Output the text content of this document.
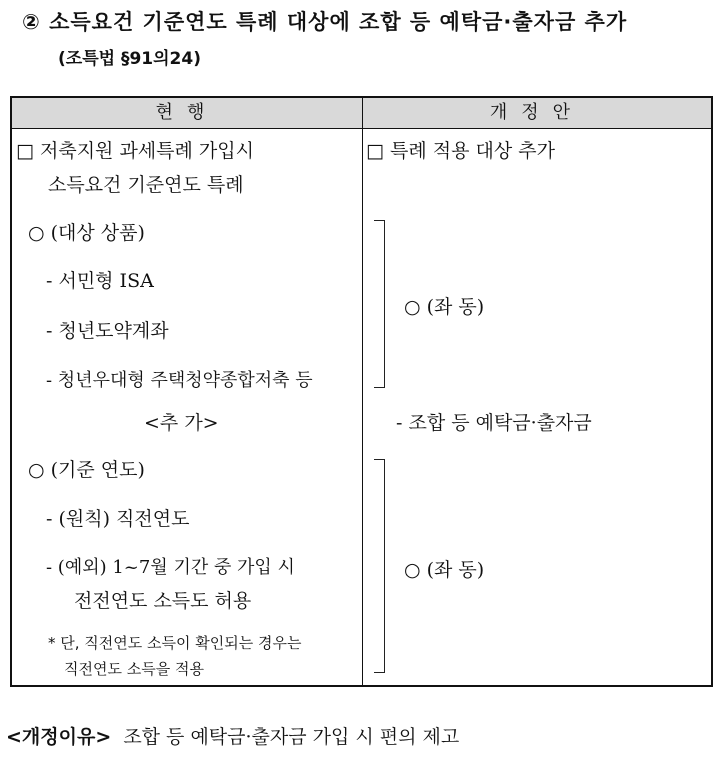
② 소득요건 기준연도 특례 대상에 조합 등 예탁금·출자금 추가
(조특법 §91의24)
현행	개정안
□ 저축지원 과세특례 가입시
소득요건 기준연도 특례
○ (대상 상품)
- 서민형 ISA
- 청년도약계좌
- 청년우대형 주택청약종합저축 등
<추 가>
○ (기준 연도)
- (원칙) 직전연도
- (예외) 1~7월 기간 중 가입 시
전전연도 소득도 허용
* 단, 직전연도 소득이 확인되는 경우는
직전연도 소득을 적용
□ 특례 적용 대상 추가
○ (좌 동)
- 조합 등 예탁금·출자금
○ (좌 동)
<개정이유> 조합 등 예탁금·출자금 가입 시 편의 제고
